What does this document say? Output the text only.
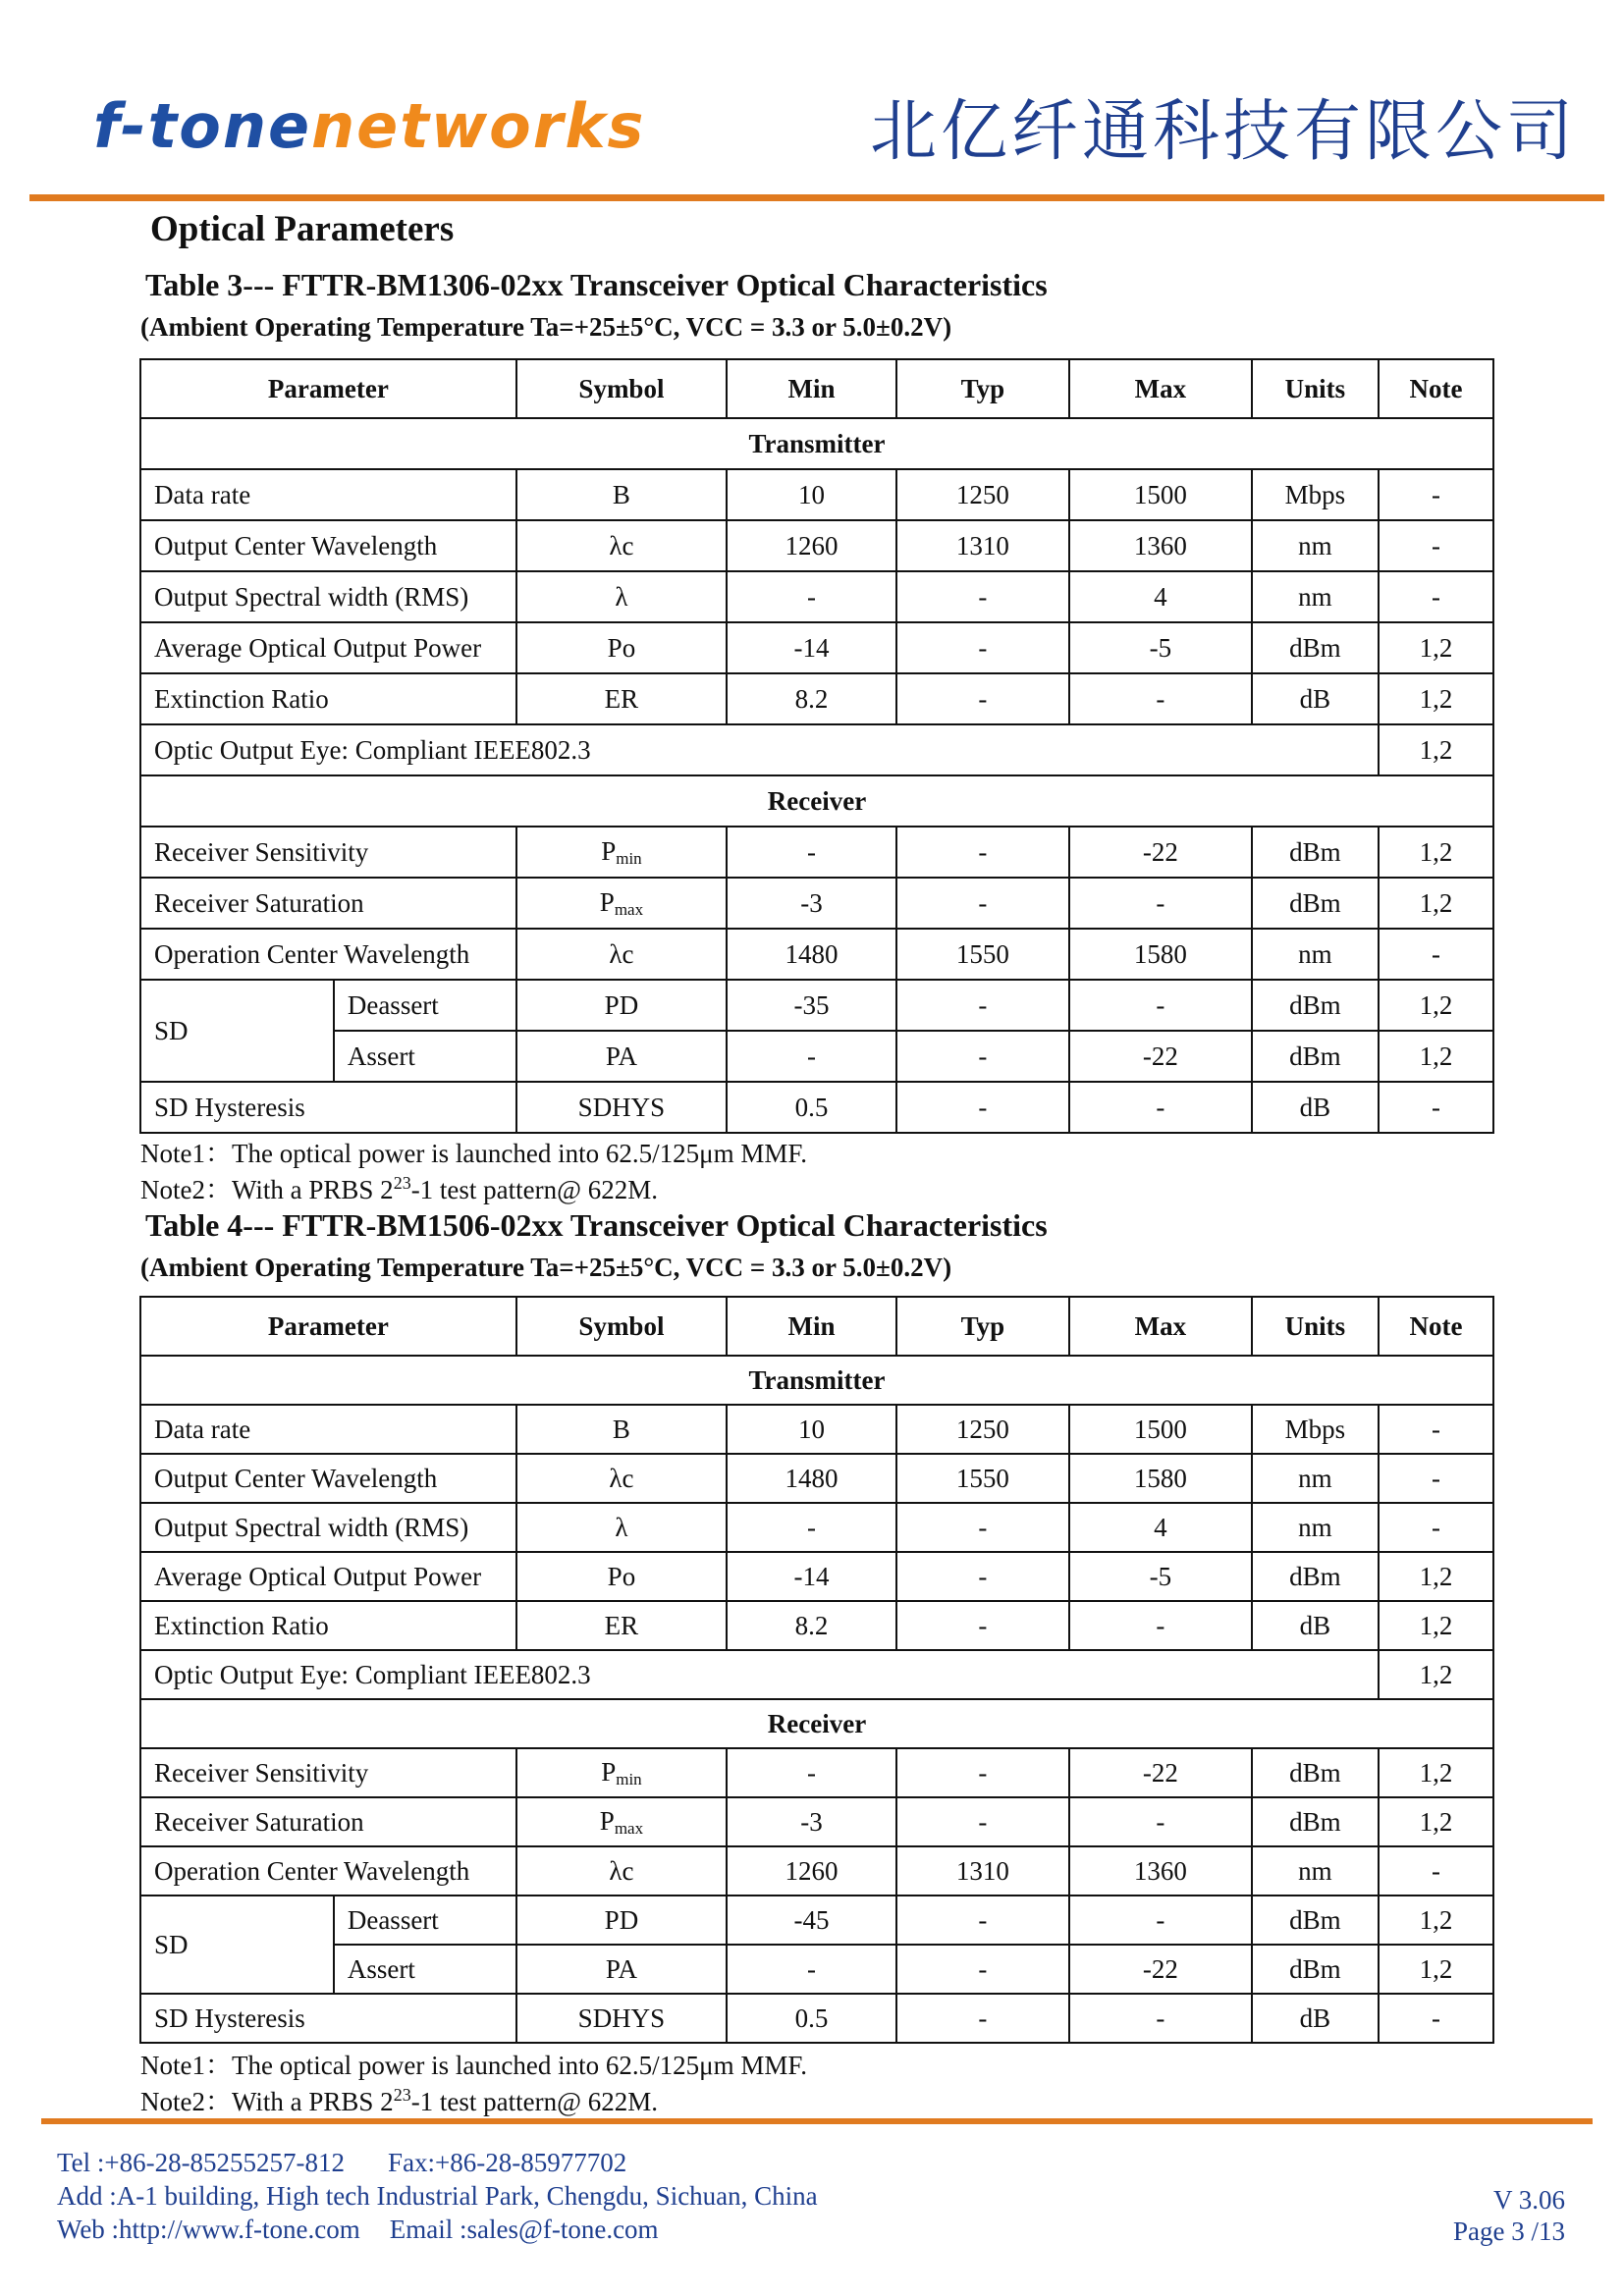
f-tonenetworks	北亿纤通科技有限公司
Optical Parameters
Table 3--- FTTR-BM1306-02xx Transceiver Optical Characteristics
(Ambient Operating Temperature Ta=+25±5°C, VCC = 3.3 or 5.0±0.2V)
Parameter		Symbol	Min	Typ	Max	Units	Note
Transmitter							
Data rate		B	10	1250	1500	Mbps	-
Output Center Wavelength		λc	1260	1310	1360	nm	-
Output Spectral width (RMS)		λ	-	-	4	nm	-
Average Optical Output Power		Po	-14	-	-5	dBm	1,2
Extinction Ratio		ER	8.2	-	-	dB	1,2
Optic Output Eye: Compliant IEEE802.3							1,2
Receiver							
Receiver Sensitivity		$P_{min}$	-	-	-22	dBm	1,2
Receiver Saturation		$P_{max}$	-3	-	-	dBm	1,2
Operation Center Wavelength		λc	1480	1550	1580	nm	-
SD	Deassert	PD	-35	-	-	dBm	1,2
	Assert	PA	-	-	-22	dBm	1,2
SD Hysteresis		SDHYS	0.5	-	-	dB	-
Note1：The optical power is launched into 62.5/125μm MMF.
Note2：With a PRBS $2^{23}-1$ test pattern@ 622M.
Table 4--- FTTR-BM1506-02xx Transceiver Optical Characteristics
(Ambient Operating Temperature Ta=+25±5°C, VCC = 3.3 or 5.0±0.2V)
Parameter		Symbol	Min	Typ	Max	Units	Note
Transmitter							
Data rate		B	10	1250	1500	Mbps	-
Output Center Wavelength		λc	1480	1550	1580	nm	-
Output Spectral width (RMS)		λ	-	-	4	nm	-
Average Optical Output Power		Po	-14	-	-5	dBm	1,2
Extinction Ratio		ER	8.2	-	-	dB	1,2
Optic Output Eye: Compliant IEEE802.3							1,2
Receiver							
Receiver Sensitivity		$P_{min}$	-	-	-22	dBm	1,2
Receiver Saturation		$P_{max}$	-3	-	-	dBm	1,2
Operation Center Wavelength		λc	1260	1310	1360	nm	-
SD	Deassert	PD	-45	-	-	dBm	1,2
	Assert	PA	-	-	-22	dBm	1,2
SD Hysteresis		SDHYS	0.5	-	-	dB	-
Note1：The optical power is launched into 62.5/125μm MMF.
Note2：With a PRBS $2^{23}-1$ test pattern@ 622M.
Tel :+86-28-85255257-812 Fax:+86-28-85977702
Add :A-1 building, High tech Industrial Park, Chengdu, Sichuan, China
Web :http://www.f-tone.com Email :sales@f-tone.com
V 3.06
Page 3 /13
